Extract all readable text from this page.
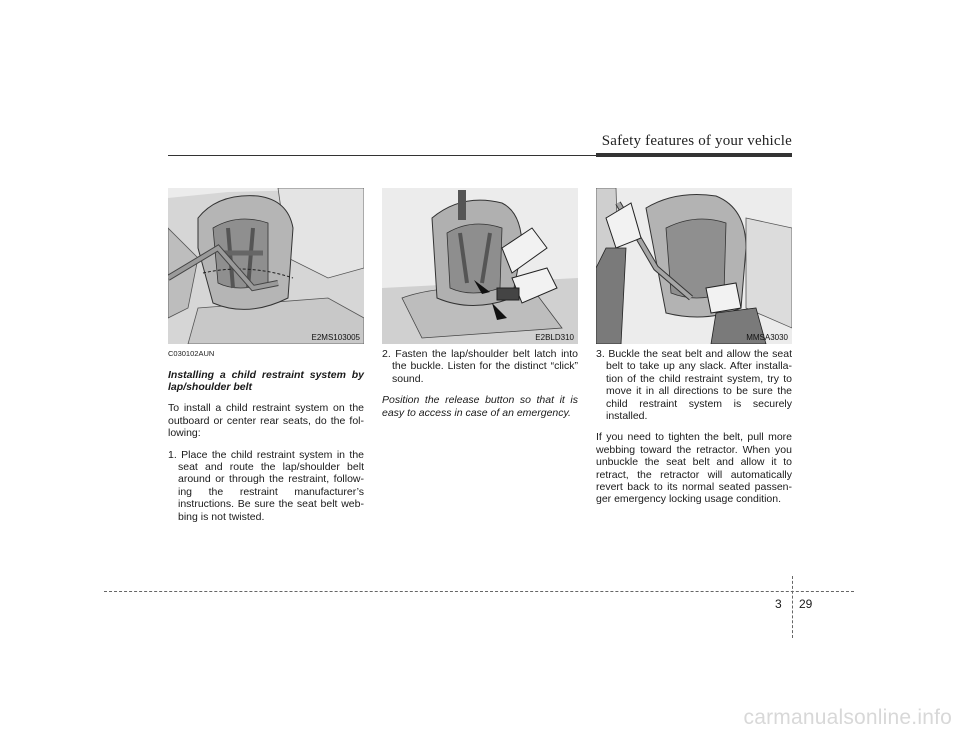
Safety features of your vehicle
E2MS103005	E2BLD310	MMSA3030

C030102AUN

Installing a child restraint system by lap/shoulder belt

To install a child restraint system on the outboard or center rear seats, do the fol-lowing:

1. Place the child restraint system in the seat and route the lap/shoulder belt around or through the restraint, follow-ing the restraint manufacturer’s instructions. Be sure the seat belt web-bing is not twisted.

2. Fasten the lap/shoulder belt latch into the buckle. Listen for the distinct “click” sound.

Position the release button so that it is easy to access in case of an emergency.

3. Buckle the seat belt and allow the seat belt to take up any slack. After installa-tion of the child restraint system, try to move it in all directions to be sure the child restraint system is securely installed.

If you need to tighten the belt, pull more webbing toward the retractor. When you unbuckle the seat belt and allow it to retract, the retractor will automatically revert back to its normal seated passen-ger emergency locking usage condition.

3 29
carmanualsonline.info
